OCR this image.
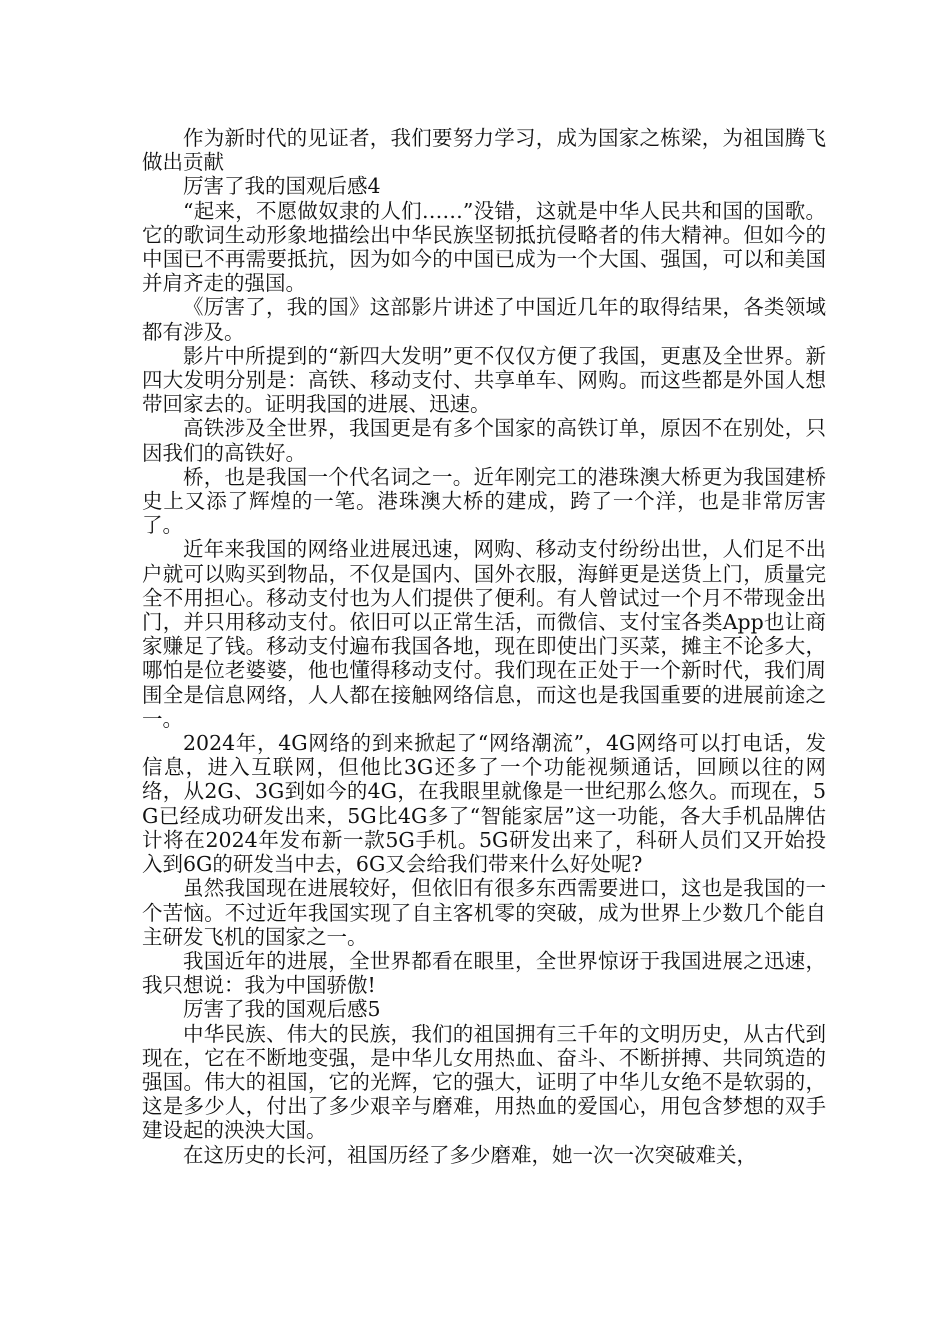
作为新时代的见证者，我们要努力学习，成为国家之栋梁，为祖国腾飞做出贡献

厉害了我的国观后感4

“起来，不愿做奴隶的人们……”没错，这就是中华人民共和国的国歌。它的歌词生动形象地描绘出中华民族坚韧抵抗侵略者的伟大精神。但如今的中国已不再需要抵抗，因为如今的中国已成为一个大国、强国，可以和美国并肩齐走的强国。

《厉害了，我的国》这部影片讲述了中国近几年的取得结果，各类领域都有涉及。

影片中所提到的“新四大发明”更不仅仅方便了我国，更惠及全世界。新四大发明分别是：高铁、移动支付、共享单车、网购。而这些都是外国人想带回家去的。证明我国的进展、迅速。

高铁涉及全世界，我国更是有多个国家的高铁订单，原因不在别处，只因我们的高铁好。

桥，也是我国一个代名词之一。近年刚完工的港珠澳大桥更为我国建桥史上又添了辉煌的一笔。港珠澳大桥的建成，跨了一个洋，也是非常厉害了。

近年来我国的网络业进展迅速，网购、移动支付纷纷出世，人们足不出户就可以购买到物品，不仅是国内、国外衣服，海鲜更是送货上门，质量完全不用担心。移动支付也为人们提供了便利。有人曾试过一个月不带现金出门，并只用移动支付。依旧可以正常生活，而微信、支付宝各类App也让商家赚足了钱。移动支付遍布我国各地，现在即使出门买菜，摊主不论多大，哪怕是位老婆婆，他也懂得移动支付。我们现在正处于一个新时代，我们周围全是信息网络，人人都在接触网络信息，而这也是我国重要的进展前途之一。

2024年，4G网络的到来掀起了“网络潮流”，4G网络可以打电话，发信息，进入互联网，但他比3G还多了一个功能视频通话，回顾以往的网络，从2G、3G到如今的4G，在我眼里就像是一世纪那么悠久。而现在，5G已经成功研发出来，5G比4G多了“智能家居”这一功能，各大手机品牌估计将在2024年发布新一款5G手机。5G研发出来了，科研人员们又开始投入到6G的研发当中去，6G又会给我们带来什么好处呢?

虽然我国现在进展较好，但依旧有很多东西需要进口，这也是我国的一个苦恼。不过近年我国实现了自主客机零的突破，成为世界上少数几个能自主研发飞机的国家之一。

我国近年的进展，全世界都看在眼里，全世界惊讶于我国进展之迅速，我只想说：我为中国骄傲!

厉害了我的国观后感5

中华民族、伟大的民族，我们的祖国拥有三千年的文明历史，从古代到现在，它在不断地变强，是中华儿女用热血、奋斗、不断拼搏、共同筑造的强国。伟大的祖国，它的光辉，它的强大，证明了中华儿女绝不是软弱的，这是多少人，付出了多少艰辛与磨难，用热血的爱国心，用包含梦想的双手建设起的泱泱大国。

在这历史的长河，祖国历经了多少磨难，她一次一次突破难关，
